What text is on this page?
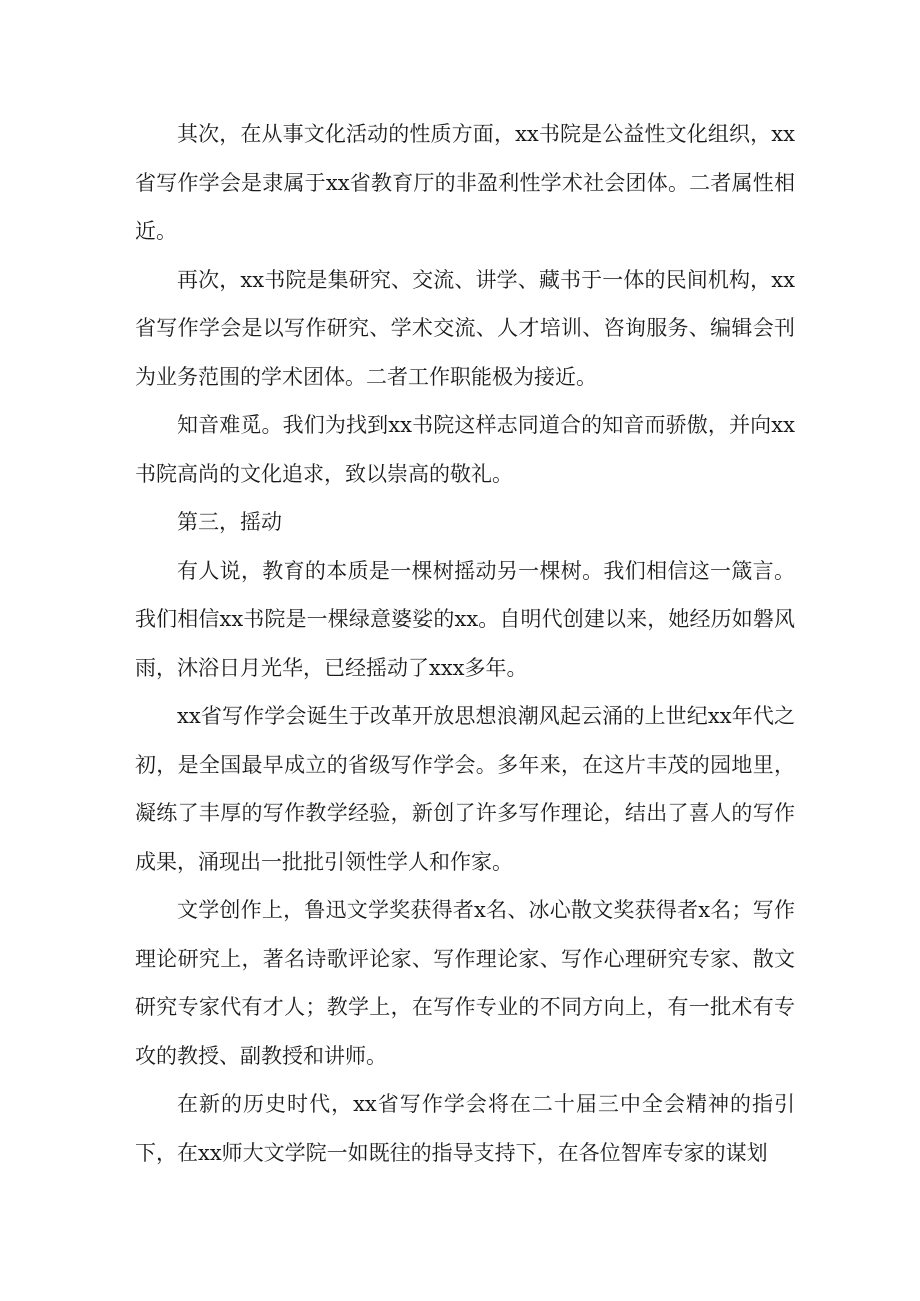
其次，在从事文化活动的性质方面，xx书院是公益性文化组织，xx省写作学会是隶属于xx省教育厅的非盈利性学术社会团体。二者属性相近。

再次，xx书院是集研究、交流、讲学、藏书于一体的民间机构，xx省写作学会是以写作研究、学术交流、人才培训、咨询服务、编辑会刊为业务范围的学术团体。二者工作职能极为接近。

知音难觅。我们为找到xx书院这样志同道合的知音而骄傲，并向xx书院高尚的文化追求，致以崇高的敬礼。

第三，摇动

有人说，教育的本质是一棵树摇动另一棵树。我们相信这一箴言。我们相信xx书院是一棵绿意婆娑的xx。自明代创建以来，她经历如磐风雨，沐浴日月光华，已经摇动了xxx多年。

xx省写作学会诞生于改革开放思想浪潮风起云涌的上世纪xx年代之初，是全国最早成立的省级写作学会。多年来，在这片丰茂的园地里，凝练了丰厚的写作教学经验，新创了许多写作理论，结出了喜人的写作成果，涌现出一批批引领性学人和作家。

文学创作上，鲁迅文学奖获得者x名、冰心散文奖获得者x名；写作理论研究上，著名诗歌评论家、写作理论家、写作心理研究专家、散文研究专家代有才人；教学上，在写作专业的不同方向上，有一批术有专攻的教授、副教授和讲师。

在新的历史时代，xx省写作学会将在二十届三中全会精神的指引下，在xx师大文学院一如既往的指导支持下，在各位智库专家的谋划
